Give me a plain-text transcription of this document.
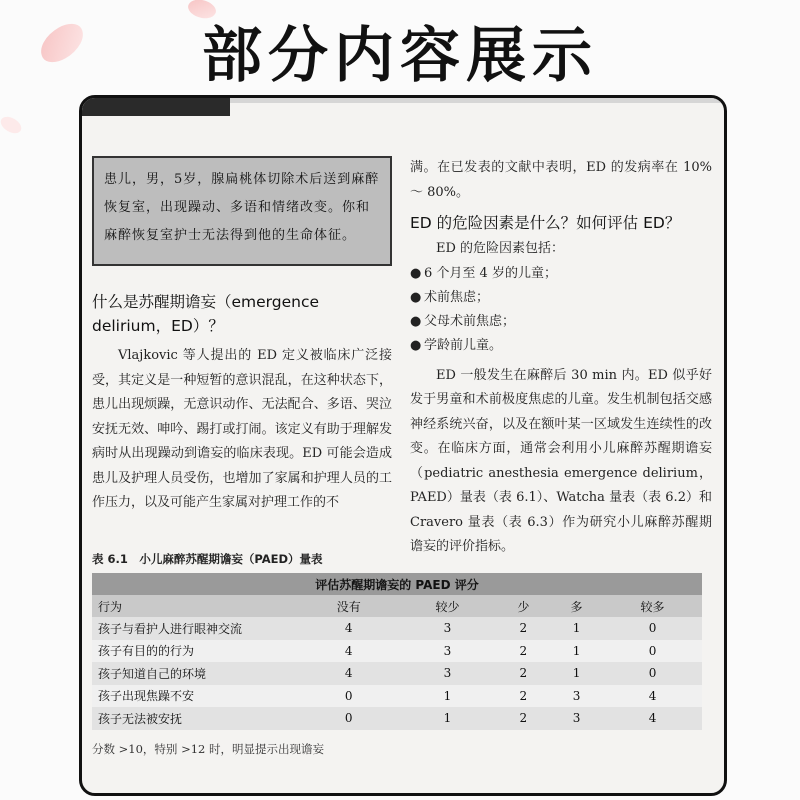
部分内容展示
患儿，男，5岁，腺扁桃体切除术后送到麻醉恢复室，出现躁动、多语和情绪改变。你和麻醉恢复室护士无法得到他的生命体征。
什么是苏醒期谵妄（emergence delirium，ED）？
Vlajkovic 等人提出的 ED 定义被临床广泛接受，其定义是一种短暂的意识混乱，在这种状态下，患儿出现烦躁，无意识动作、无法配合、多语、哭泣安抚无效、呻吟、踢打或打闹。该定义有助于理解发病时从出现躁动到谵妄的临床表现。ED 可能会造成患儿及护理人员受伤，也增加了家属和护理人员的工作压力，以及可能产生家属对护理工作的不
满。在已发表的文献中表明，ED 的发病率在 10% ～ 80%。
ED 的危险因素是什么？如何评估 ED？
ED 的危险因素包括：
● 6 个月至 4 岁的儿童；
● 术前焦虑；
● 父母术前焦虑；
● 学龄前儿童。
ED 一般发生在麻醉后 30 min 内。ED 似乎好发于男童和术前极度焦虑的儿童。发生机制包括交感神经系统兴奋，以及在额叶某一区域发生连续性的改变。在临床方面，通常会利用小儿麻醉苏醒期谵妄（pediatric anesthesia emergence delirium，PAED）量表（表 6.1）、Watcha 量表（表 6.2）和 Cravero 量表（表 6.3）作为研究小儿麻醉苏醒期谵妄的评价指标。
表 6.1　小儿麻醉苏醒期谵妄（PAED）量表
评估苏醒期谵妄的 PAED 评分					
行为	没有	较少	少	多	较多
孩子与看护人进行眼神交流	4	3	2	1	0
孩子有目的的行为	4	3	2	1	0
孩子知道自己的环境	4	3	2	1	0
孩子出现焦躁不安	0	1	2	3	4
孩子无法被安抚	0	1	2	3	4
分数 >10，特别 >12 时，明显提示出现谵妄
